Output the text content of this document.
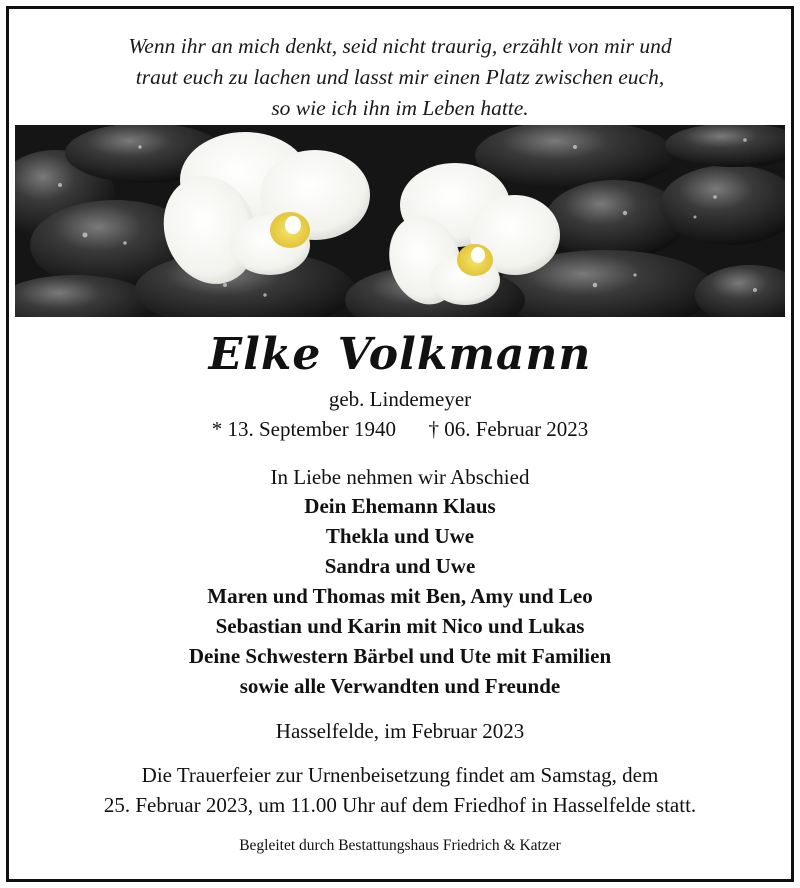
Wenn ihr an mich denkt, seid nicht traurig, erzählt von mir und
traut euch zu lachen und lasst mir einen Platz zwischen euch,
so wie ich ihn im Leben hatte.
Elke Volkmann
geb. Lindemeyer
* 13. September 1940 † 06. Februar 2023
In Liebe nehmen wir Abschied
Dein Ehemann Klaus
Thekla und Uwe
Sandra und Uwe
Maren und Thomas mit Ben, Amy und Leo
Sebastian und Karin mit Nico und Lukas
Deine Schwestern Bärbel und Ute mit Familien
sowie alle Verwandten und Freunde
Hasselfelde, im Februar 2023
Die Trauerfeier zur Urnenbeisetzung findet am Samstag, dem
25. Februar 2023, um 11.00 Uhr auf dem Friedhof in Hasselfelde statt.
Begleitet durch Bestattungshaus Friedrich & Katzer
